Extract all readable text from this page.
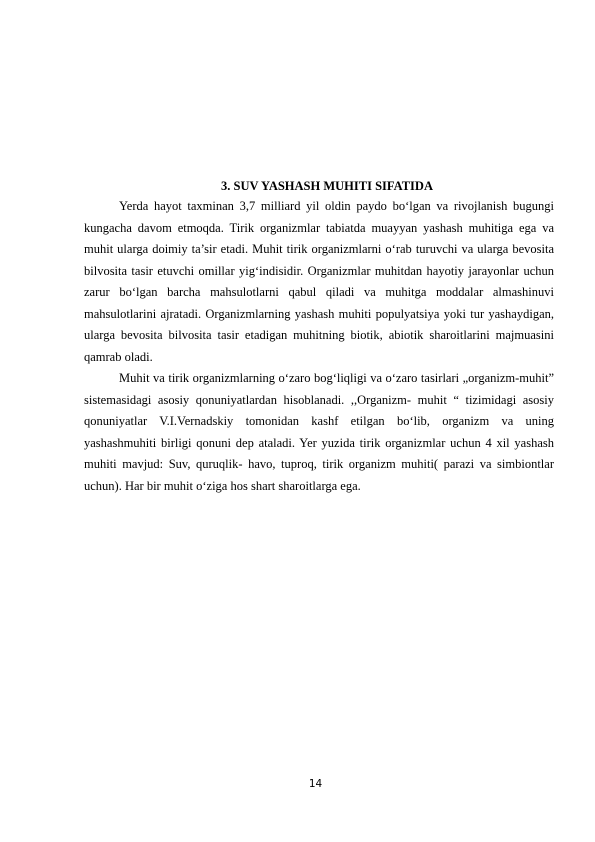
3. SUV YASHASH MUHITI SIFATIDA

Yerda hayot taxminan 3,7 milliard yil oldin paydo bo‘lgan va rivojlanish bugungi kungacha davom etmoqda. Tirik organizmlar tabiatda muayyan yashash muhitiga ega va muhit ularga doimiy ta’sir etadi. Muhit tirik organizmlarni o‘rab turuvchi va ularga bevosita bilvosita tasir etuvchi omillar yig‘indisidir. Organizmlar muhitdan hayotiy jarayonlar uchun zarur bo‘lgan barcha mahsulotlarni qabul qiladi va muhitga moddalar almashinuvi mahsulotlarini ajratadi. Organizmlarning yashash muhiti populyatsiya yoki tur yashaydigan, ularga bevosita bilvosita tasir etadigan muhitning biotik, abiotik sharoitlarini majmuasini qamrab oladi.

Muhit va tirik organizmlarning o‘zaro bog‘liqligi va o‘zaro tasirlari „organizm-muhit” sistemasidagi asosiy qonuniyatlardan hisoblanadi. ,,Organizm- muhit “ tizimidagi asosiy qonuniyatlar V.I.Vernadskiy tomonidan kashf etilgan bo‘lib, organizm va uning yashashmuhiti birligi qonuni dep ataladi. Yer yuzida tirik organizmlar uchun 4 xil yashash muhiti mavjud: Suv, quruqlik- havo, tuproq, tirik organizm muhiti( parazi va simbiontlar uchun). Har bir muhit o‘ziga hos shart sharoitlarga ega.

14
